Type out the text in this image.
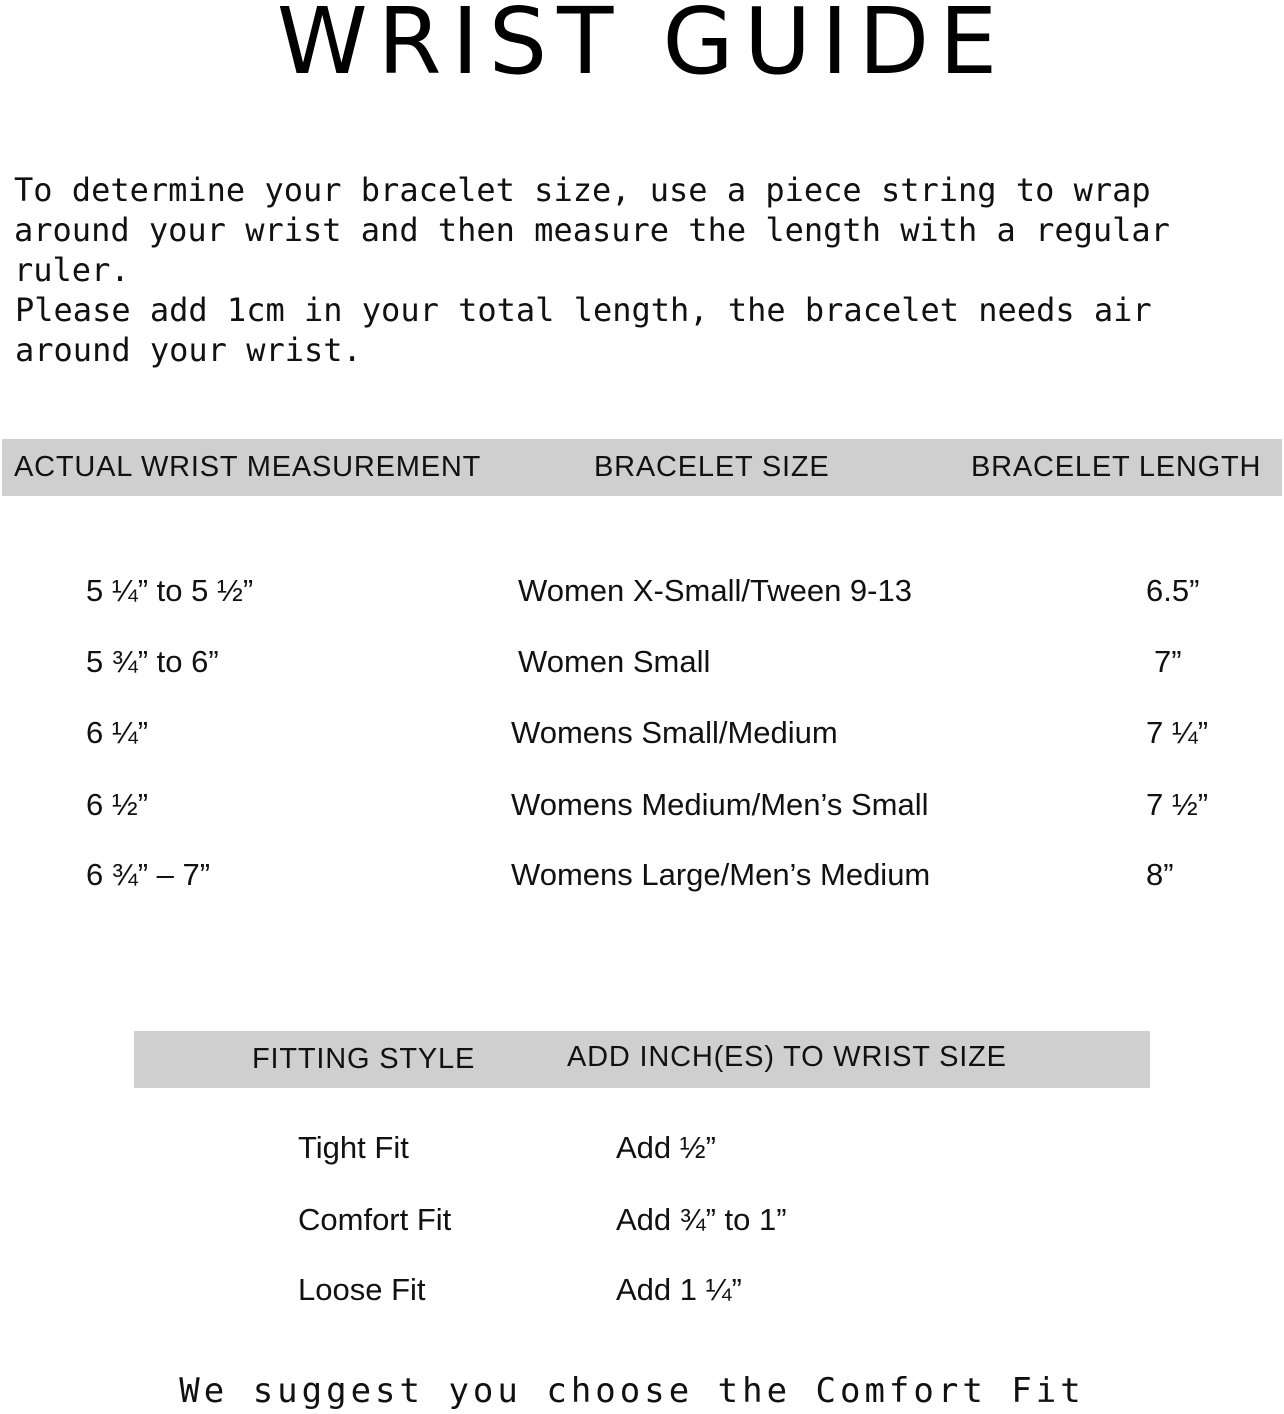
WRIST GUIDE
To determine your bracelet size, use a piece string to wrap around your wrist and then measure the length with a regular ruler.
Please add 1cm in your total length, the bracelet needs air around your wrist.
ACTUAL WRIST MEASUREMENT	BRACELET SIZE	BRACELET LENGTH
5 ¼” to 5 ½”	Women X-Small/Tween 9-13	6.5”
5 ¾” to 6”	Women Small	7”
6 ¼”	Womens Small/Medium	7 ¼”
6 ½”	Womens Medium/Men’s Small	7 ½”
6 ¾” – 7”	Womens Large/Men’s Medium	8”
FITTING STYLE	ADD INCH(ES) TO WRIST SIZE
Tight Fit	Add ½”
Comfort Fit	Add ¾” to 1”
Loose Fit	Add 1 ¼”
We suggest you choose the Comfort Fit
